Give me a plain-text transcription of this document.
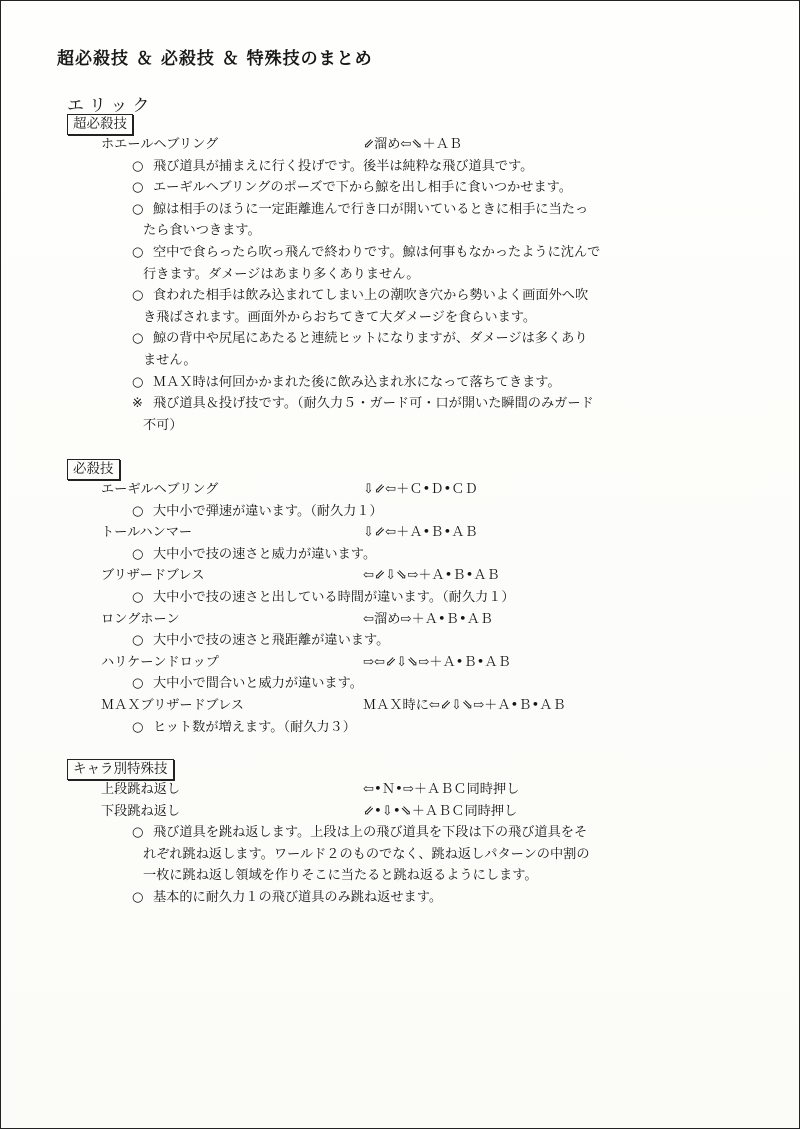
超必殺技 ＆ 必殺技 ＆ 特殊技のまとめ
エリック
超必殺技
ホエールヘブリング	⇙溜め⇦⇘＋ＡＢ
○ 飛び道具が捕まえに行く投げです。後半は純粋な飛び道具です。
○ エーギルヘブリングのポーズで下から鯨を出し相手に食いつかせます。
○ 鯨は相手のほうに一定距離進んで行き口が開いているときに相手に当たっ
たら食いつきます。
○ 空中で食らったら吹っ飛んで終わりです。鯨は何事もなかったように沈んで
行きます。ダメージはあまり多くありません。
○ 食われた相手は飲み込まれてしまい上の潮吹き穴から勢いよく画面外へ吹
き飛ばされます。画面外からおちてきて大ダメージを食らいます。
○ 鯨の背中や尻尾にあたると連続ヒットになりますが、ダメージは多くあり
ません。
○ ＭＡＸ時は何回かかまれた後に飲み込まれ氷になって落ちてきます。
※ 飛び道具＆投げ技です。（耐久力５・ガード可・口が開いた瞬間のみガード
不可）
必殺技
エーギルヘブリング	⇩⇙⇦＋Ｃ•Ｄ•ＣＤ
○ 大中小で弾速が違います。（耐久力１）
トールハンマー	⇩⇙⇦＋Ａ•Ｂ•ＡＢ
○ 大中小で技の速さと威力が違います。
ブリザードブレス	⇦⇙⇩⇘⇨＋Ａ•Ｂ•ＡＢ
○ 大中小で技の速さと出している時間が違います。（耐久力１）
ロングホーン	⇦溜め⇨＋Ａ•Ｂ•ＡＢ
○ 大中小で技の速さと飛距離が違います。
ハリケーンドロップ	⇨⇦⇙⇩⇘⇨＋Ａ•Ｂ•ＡＢ
○ 大中小で間合いと威力が違います。
ＭＡＸブリザードブレス	ＭＡＸ時に⇦⇙⇩⇘⇨＋Ａ•Ｂ•ＡＢ
○ ヒット数が増えます。（耐久力３）
キャラ別特殊技
上段跳ね返し	⇦•Ｎ•⇨＋ＡＢＣ同時押し
下段跳ね返し	⇙•⇩•⇘＋ＡＢＣ同時押し
○ 飛び道具を跳ね返します。上段は上の飛び道具を下段は下の飛び道具をそ
れぞれ跳ね返します。ワールド２のものでなく、跳ね返しパターンの中割の
一枚に跳ね返し領域を作りそこに当たると跳ね返るようにします。
○ 基本的に耐久力１の飛び道具のみ跳ね返せます。
